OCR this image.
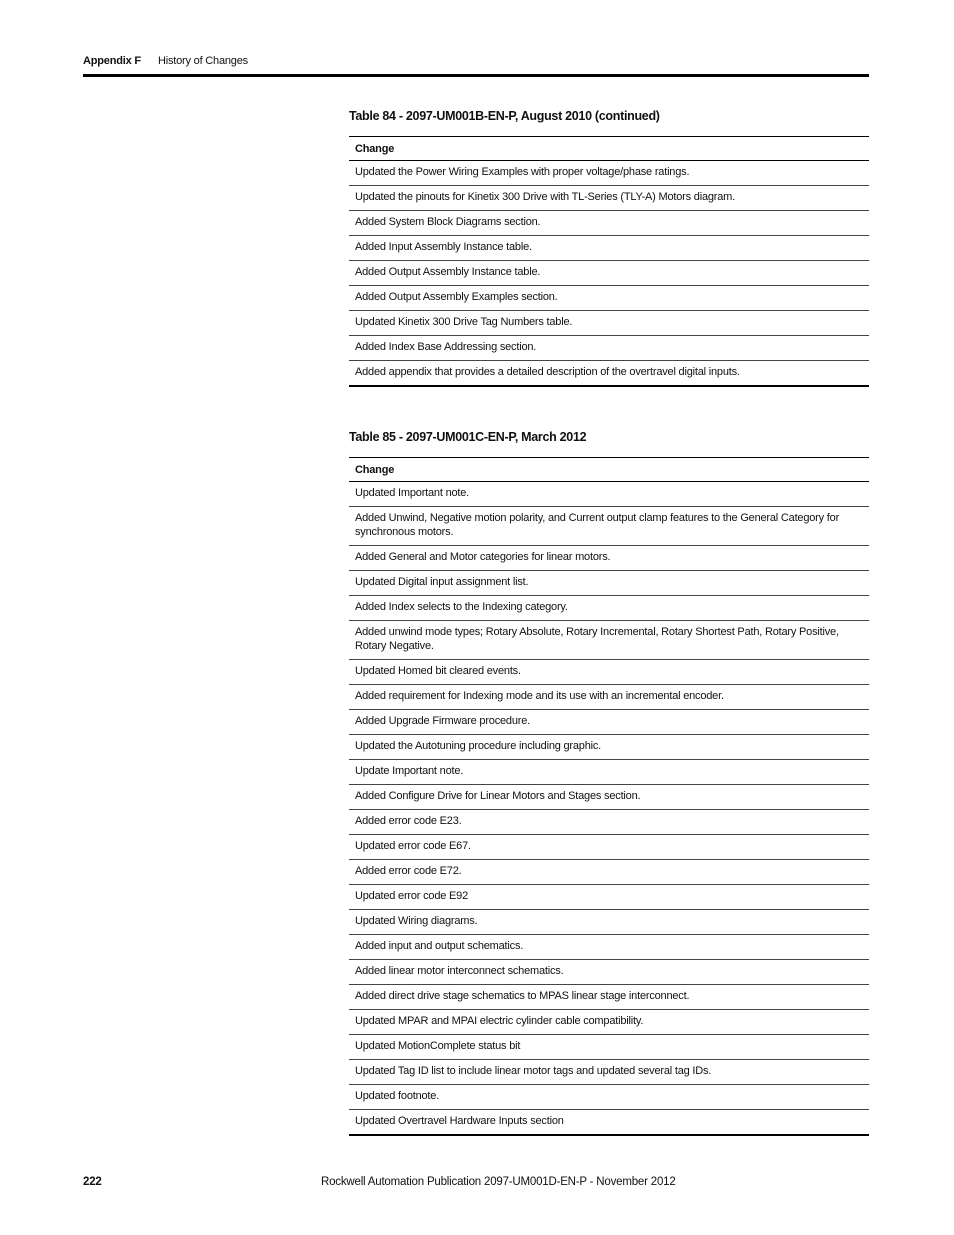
Appendix F History of Changes
Table 84 - 2097-UM001B-EN-P, August 2010 (continued)
Change
Updated the Power Wiring Examples with proper voltage/phase ratings.
Updated the pinouts for Kinetix 300 Drive with TL-Series (TLY-A) Motors diagram.
Added System Block Diagrams section.
Added Input Assembly Instance table.
Added Output Assembly Instance table.
Added Output Assembly Examples section.
Updated Kinetix 300 Drive Tag Numbers table.
Added Index Base Addressing section.
Added appendix that provides a detailed description of the overtravel digital inputs.
Table 85 - 2097-UM001C-EN-P, March 2012
Change
Updated Important note.
Added Unwind, Negative motion polarity, and Current output clamp features to the General Category for synchronous motors.
Added General and Motor categories for linear motors.
Updated Digital input assignment list.
Added Index selects to the Indexing category.
Added unwind mode types; Rotary Absolute, Rotary Incremental, Rotary Shortest Path, Rotary Positive, Rotary Negative.
Updated Homed bit cleared events.
Added requirement for Indexing mode and its use with an incremental encoder.
Added Upgrade Firmware procedure.
Updated the Autotuning procedure including graphic.
Update Important note.
Added Configure Drive for Linear Motors and Stages section.
Added error code E23.
Updated error code E67.
Added error code E72.
Updated error code E92
Updated Wiring diagrams.
Added input and output schematics.
Added linear motor interconnect schematics.
Added direct drive stage schematics to MPAS linear stage interconnect.
Updated MPAR and MPAI electric cylinder cable compatibility.
Updated MotionComplete status bit
Updated Tag ID list to include linear motor tags and updated several tag IDs.
Updated footnote.
Updated Overtravel Hardware Inputs section
222	Rockwell Automation Publication 2097-UM001D-EN-P - November 2012
